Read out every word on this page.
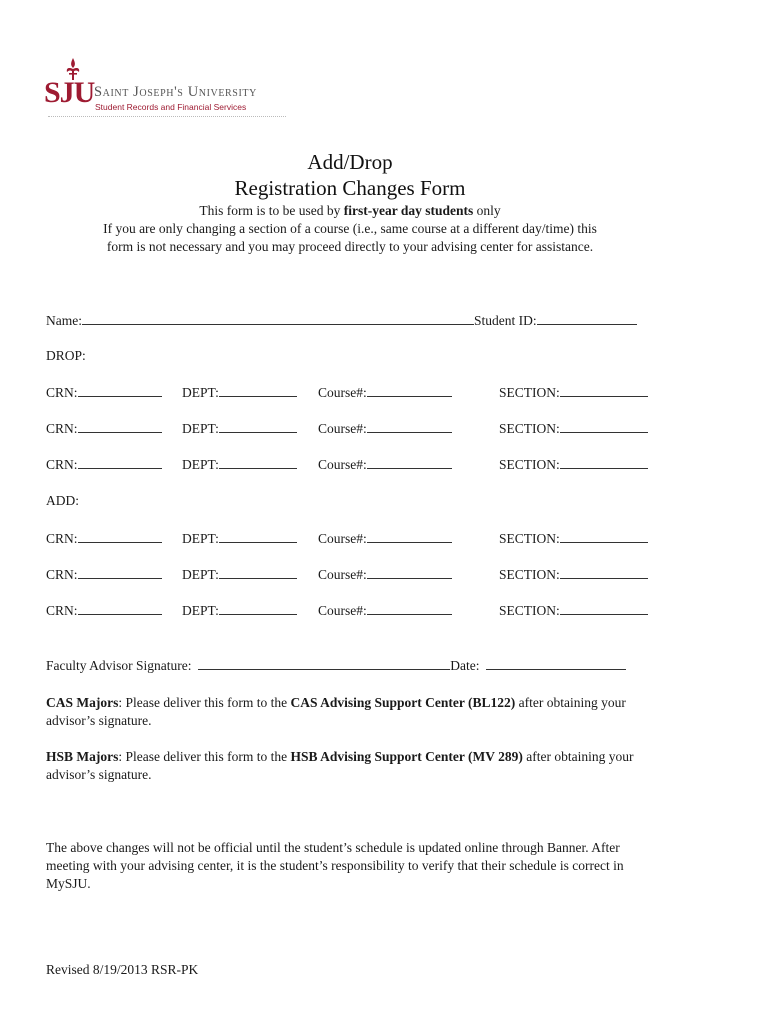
SJU Saint Joseph's University
Student Records and Financial Services
Add/Drop
Registration Changes Form
This form is to be used by first-year day students only
If you are only changing a section of a course (i.e., same course at a different day/time) this
form is not necessary and you may proceed directly to your advising center for assistance.
Name:	Student ID:
DROP:
CRN:	DEPT:	Course#:	SECTION:
CRN:	DEPT:	Course#:	SECTION:
CRN:	DEPT:	Course#:	SECTION:
ADD:
CRN:	DEPT:	Course#:	SECTION:
CRN:	DEPT:	Course#:	SECTION:
CRN:	DEPT:	Course#:	SECTION:
Faculty Advisor Signature:	Date:
CAS Majors: Please deliver this form to the CAS Advising Support Center (BL122) after obtaining your advisor’s signature.
HSB Majors: Please deliver this form to the HSB Advising Support Center (MV 289) after obtaining your advisor’s signature.
The above changes will not be official until the student’s schedule is updated online through Banner. After meeting with your advising center, it is the student’s responsibility to verify that their schedule is correct in MySJU.
Revised 8/19/2013 RSR-PK
